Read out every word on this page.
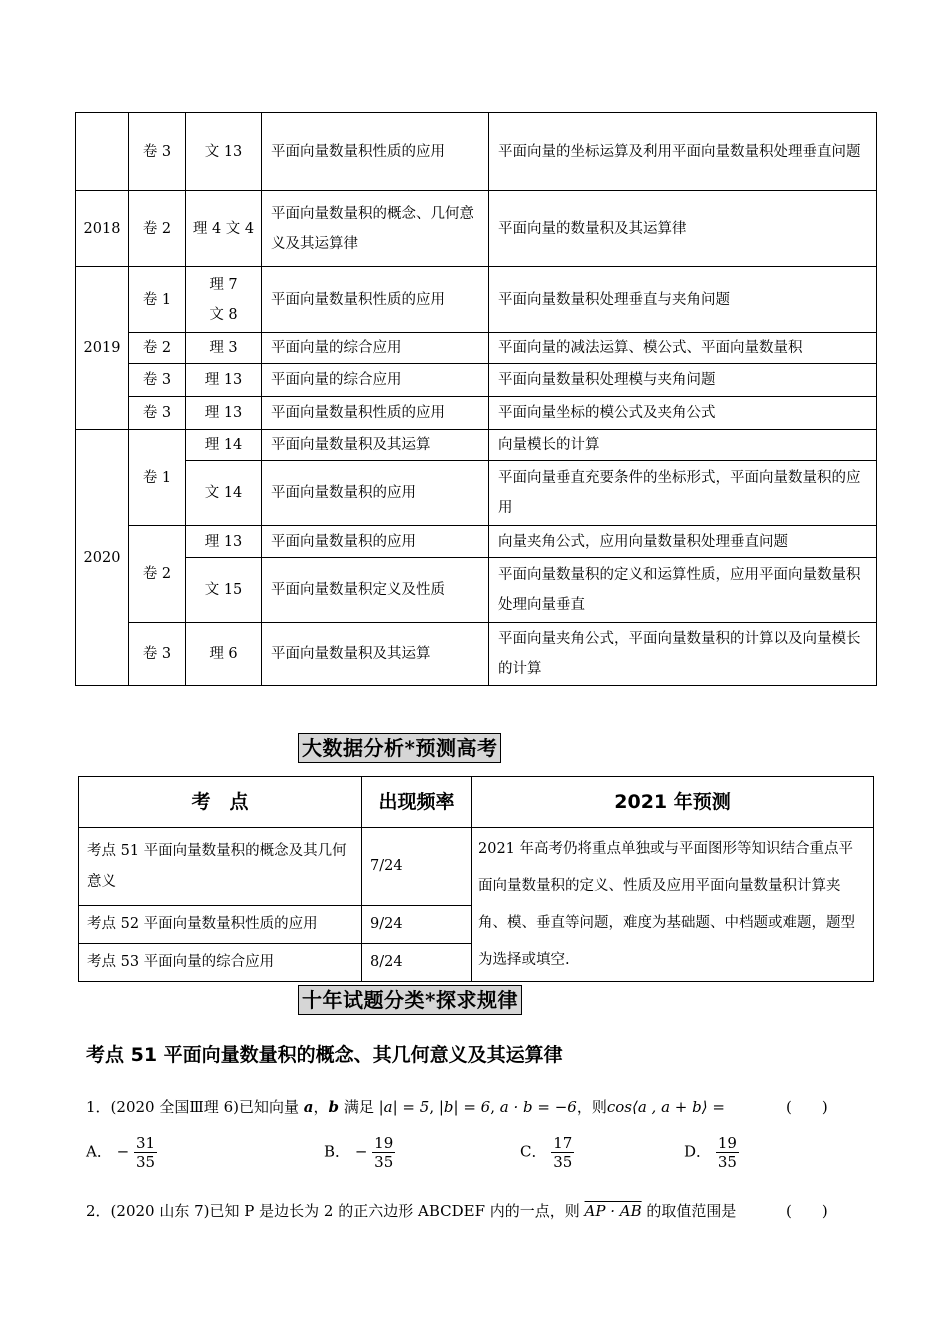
	卷 3	文 13	平面向量数量积性质的应用	平面向量的坐标运算及利用平面向量数量积处理垂直问题
2018	卷 2	理 4 文 4	平面向量数量积的概念、几何意义及其运算律	平面向量的数量积及其运算律
2019	卷 1	理 7 文 8	平面向量数量积性质的应用	平面向量数量积处理垂直与夹角问题
	卷 2	理 3	平面向量的综合应用	平面向量的减法运算、模公式、平面向量数量积
	卷 3	理 13	平面向量的综合应用	平面向量数量积处理模与夹角问题
	卷 3	理 13	平面向量数量积性质的应用	平面向量坐标的模公式及夹角公式
2020	卷 1	理 14	平面向量数量积及其运算	向量模长的计算
		文 14	平面向量数量积的应用	平面向量垂直充要条件的坐标形式，平面向量数量积的应用
	卷 2	理 13	平面向量数量积的应用	向量夹角公式，应用向量数量积处理垂直问题
		文 15	平面向量数量积定义及性质	平面向量数量积的定义和运算性质，应用平面向量数量积处理向量垂直
	卷 3	理 6	平面向量数量积及其运算	平面向量夹角公式，平面向量数量积的计算以及向量模长的计算
大数据分析*预测高考
考　点	出现频率	2021 年预测
考点 51 平面向量数量积的概念及其几何意义	7/24	2021 年高考仍将重点单独或与平面图形等知识结合重点平面向量数量积的定义、性质及应用平面向量数量积计算夹角、模、垂直等问题，难度为基础题、中档题或难题，题型为选择或填空.
考点 52 平面向量数量积性质的应用	9/24	
考点 53 平面向量的综合应用	8/24	
十年试题分类*探求规律
考点 51 平面向量数量积的概念、其几何意义及其运算律
1．(2020 全国Ⅲ理 6)已知向量 a，b 满足 |a| = 5, |b| = 6, a · b = −6，则cos⟨a , a + b⟩ =	(　　)
A． − $\frac{31}{35}$	B． − $\frac{19}{35}$	C． $\frac{17}{35}$	D． $\frac{19}{35}$
2．(2020 山东 7)已知 P 是边长为 2 的正六边形 ABCDEF 内的一点，则 AP · AB 的取值范围是	(　　)
